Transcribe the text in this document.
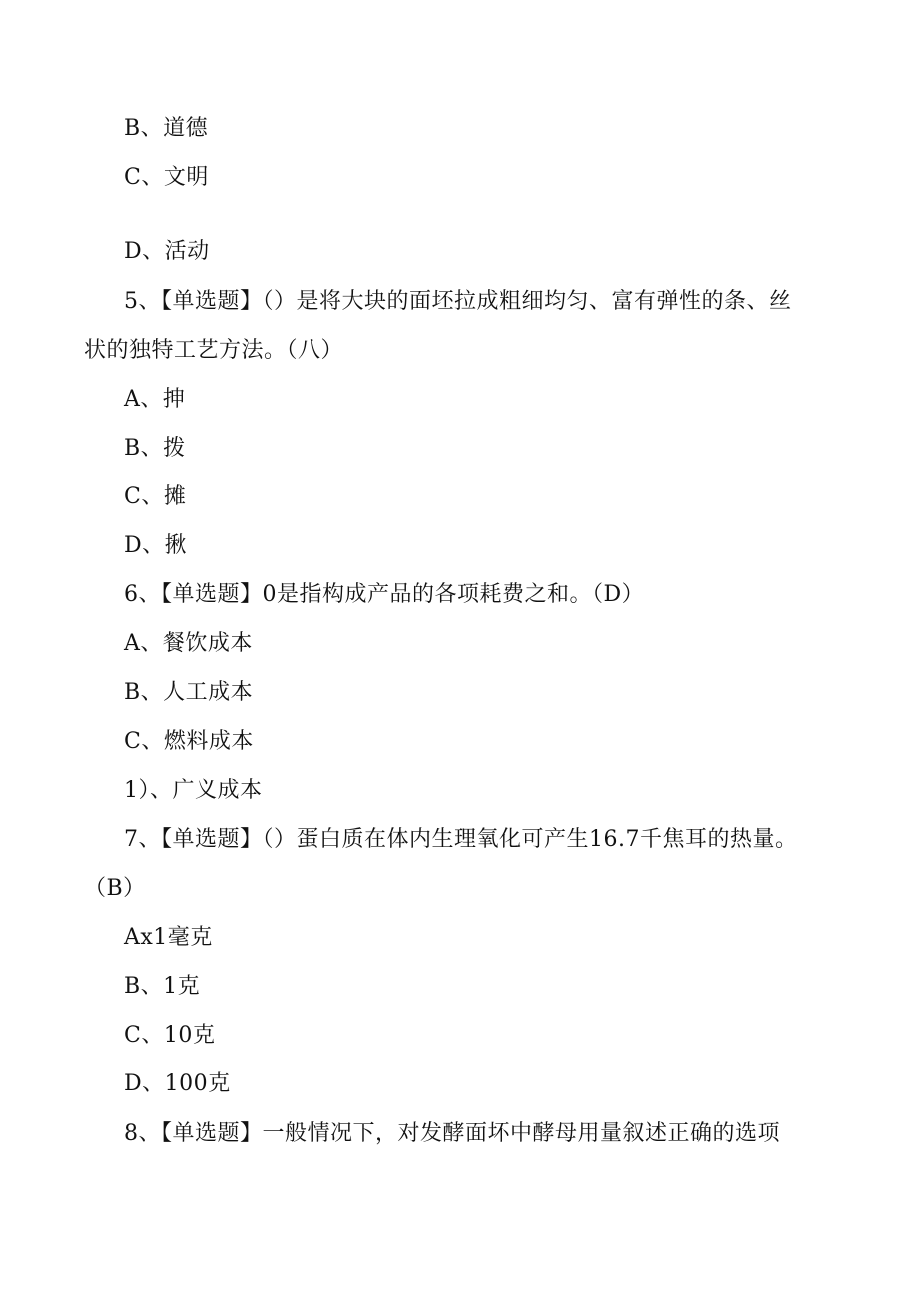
B、道德
C、文明
D、活动
5、【单选题】（）是将大块的面坯拉成粗细均匀、富有弹性的条、丝
状的独特工艺方法。（八）
A、抻
B、拨
C、摊
D、揪
6、【单选题】0是指构成产品的各项耗费之和。（D）
A、餐饮成本
B、人工成本
C、燃料成本
1）、广义成本
7、【单选题】（）蛋白质在体内生理氧化可产生16.7千焦耳的热量。
（B）
Ax1毫克
B、1克
C、10克
D、100克
8、【单选题】一般情况下，对发酵面坏中酵母用量叙述正确的选项
